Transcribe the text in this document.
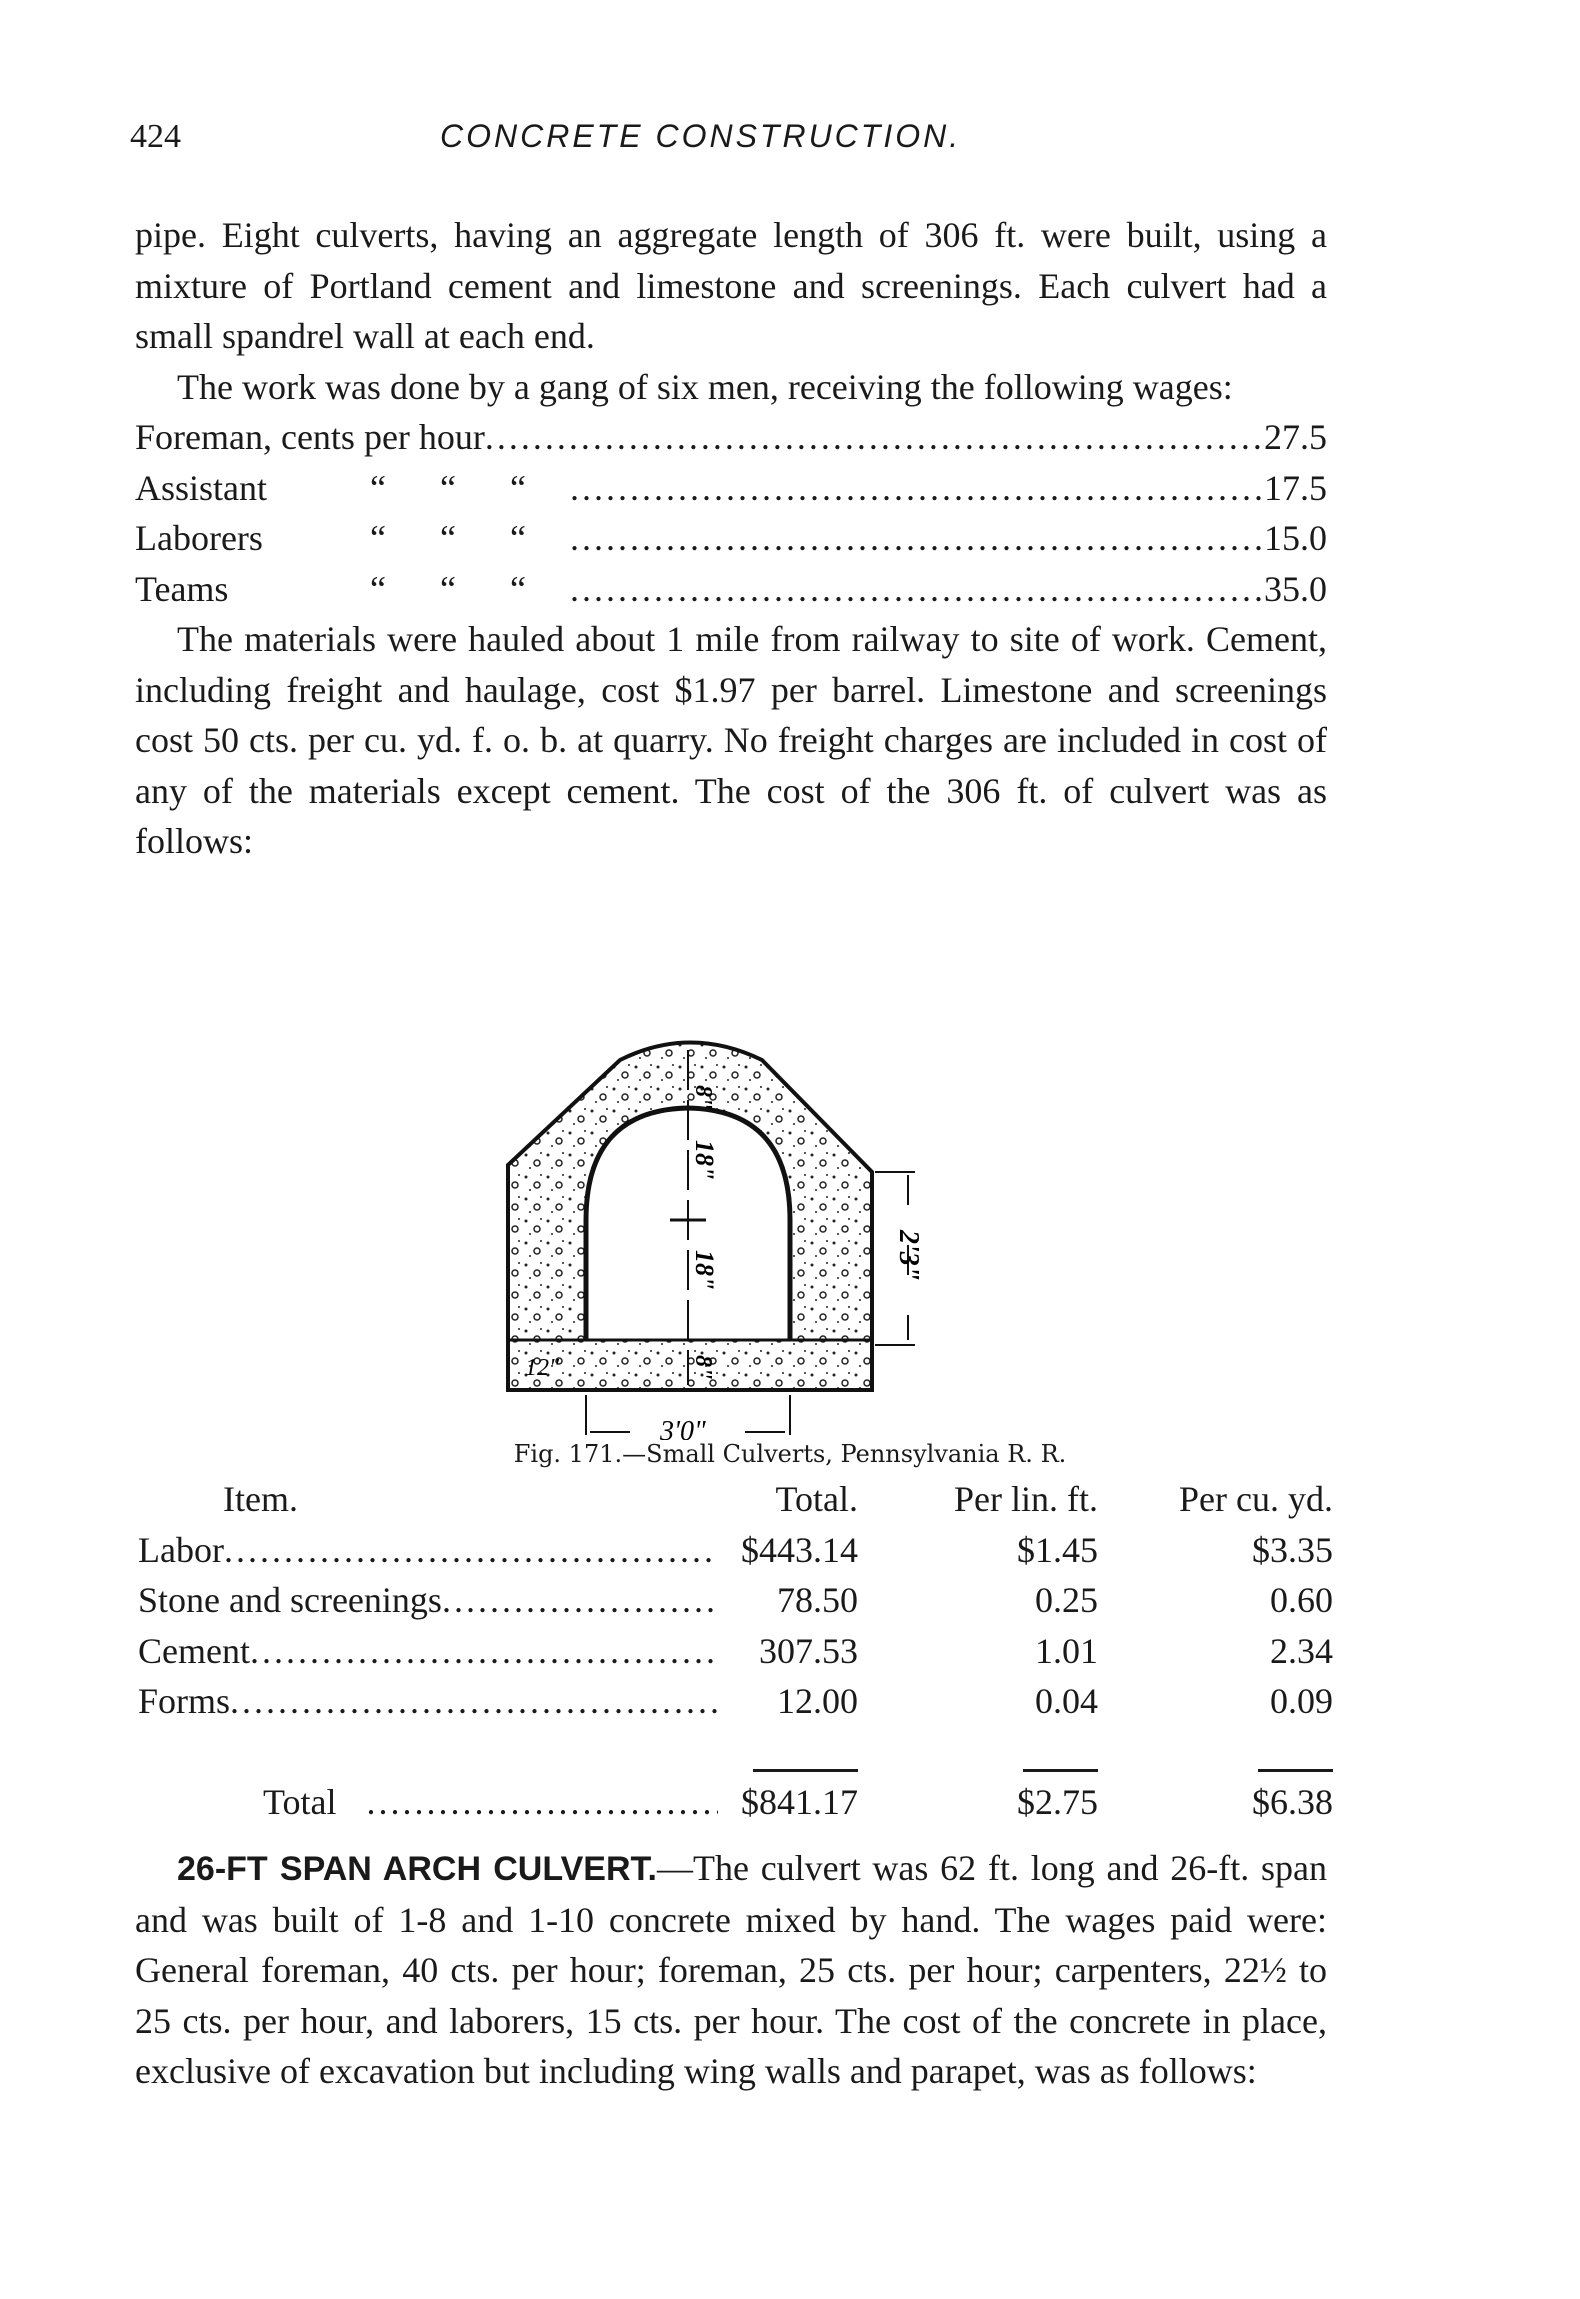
424	CONCRETE CONSTRUCTION.

pipe. Eight culverts, having an aggregate length of 306 ft. were built, using a mixture of Portland cement and limestone and screenings. Each culvert had a small spandrel wall at each end.

The work was done by a gang of six men, receiving the following wages:

Foreman, cents per hour .....	27.5
Assistant	“      “      “ .....	17.5
Laborers	“      “      “ .....	15.0
Teams	“      “      “ .....	35.0

The materials were hauled about 1 mile from railway to site of work. Cement, including freight and haulage, cost $1.97 per barrel. Limestone and screenings cost 50 cts. per cu. yd. f. o. b. at quarry. No freight charges are included in cost of any of the materials except cement. The cost of the 306 ft. of culvert was as follows:

8"
18"
18"
8"
12"
2'3"
3'0"
Fig. 171.—Small Culverts, Pennsylvania R. R.
Item.	Total.	Per lin. ft.	Per cu. yd.
Labor .....	$443.14	$1.45	$3.35
Stone and screenings .....	78.50	0.25	0.60
Cement .....	307.53	1.01	2.34
Forms .....	12.00	0.04	0.09
Total .....	$841.17	$2.75	$6.38

26-FT SPAN ARCH CULVERT.—The culvert was 62 ft. long and 26-ft. span and was built of 1-8 and 1-10 concrete mixed by hand. The wages paid were: General foreman, 40 cts. per hour; foreman, 25 cts. per hour; carpenters, 22½ to 25 cts. per hour, and laborers, 15 cts. per hour. The cost of the concrete in place, exclusive of excavation but including wing walls and parapet, was as follows:
